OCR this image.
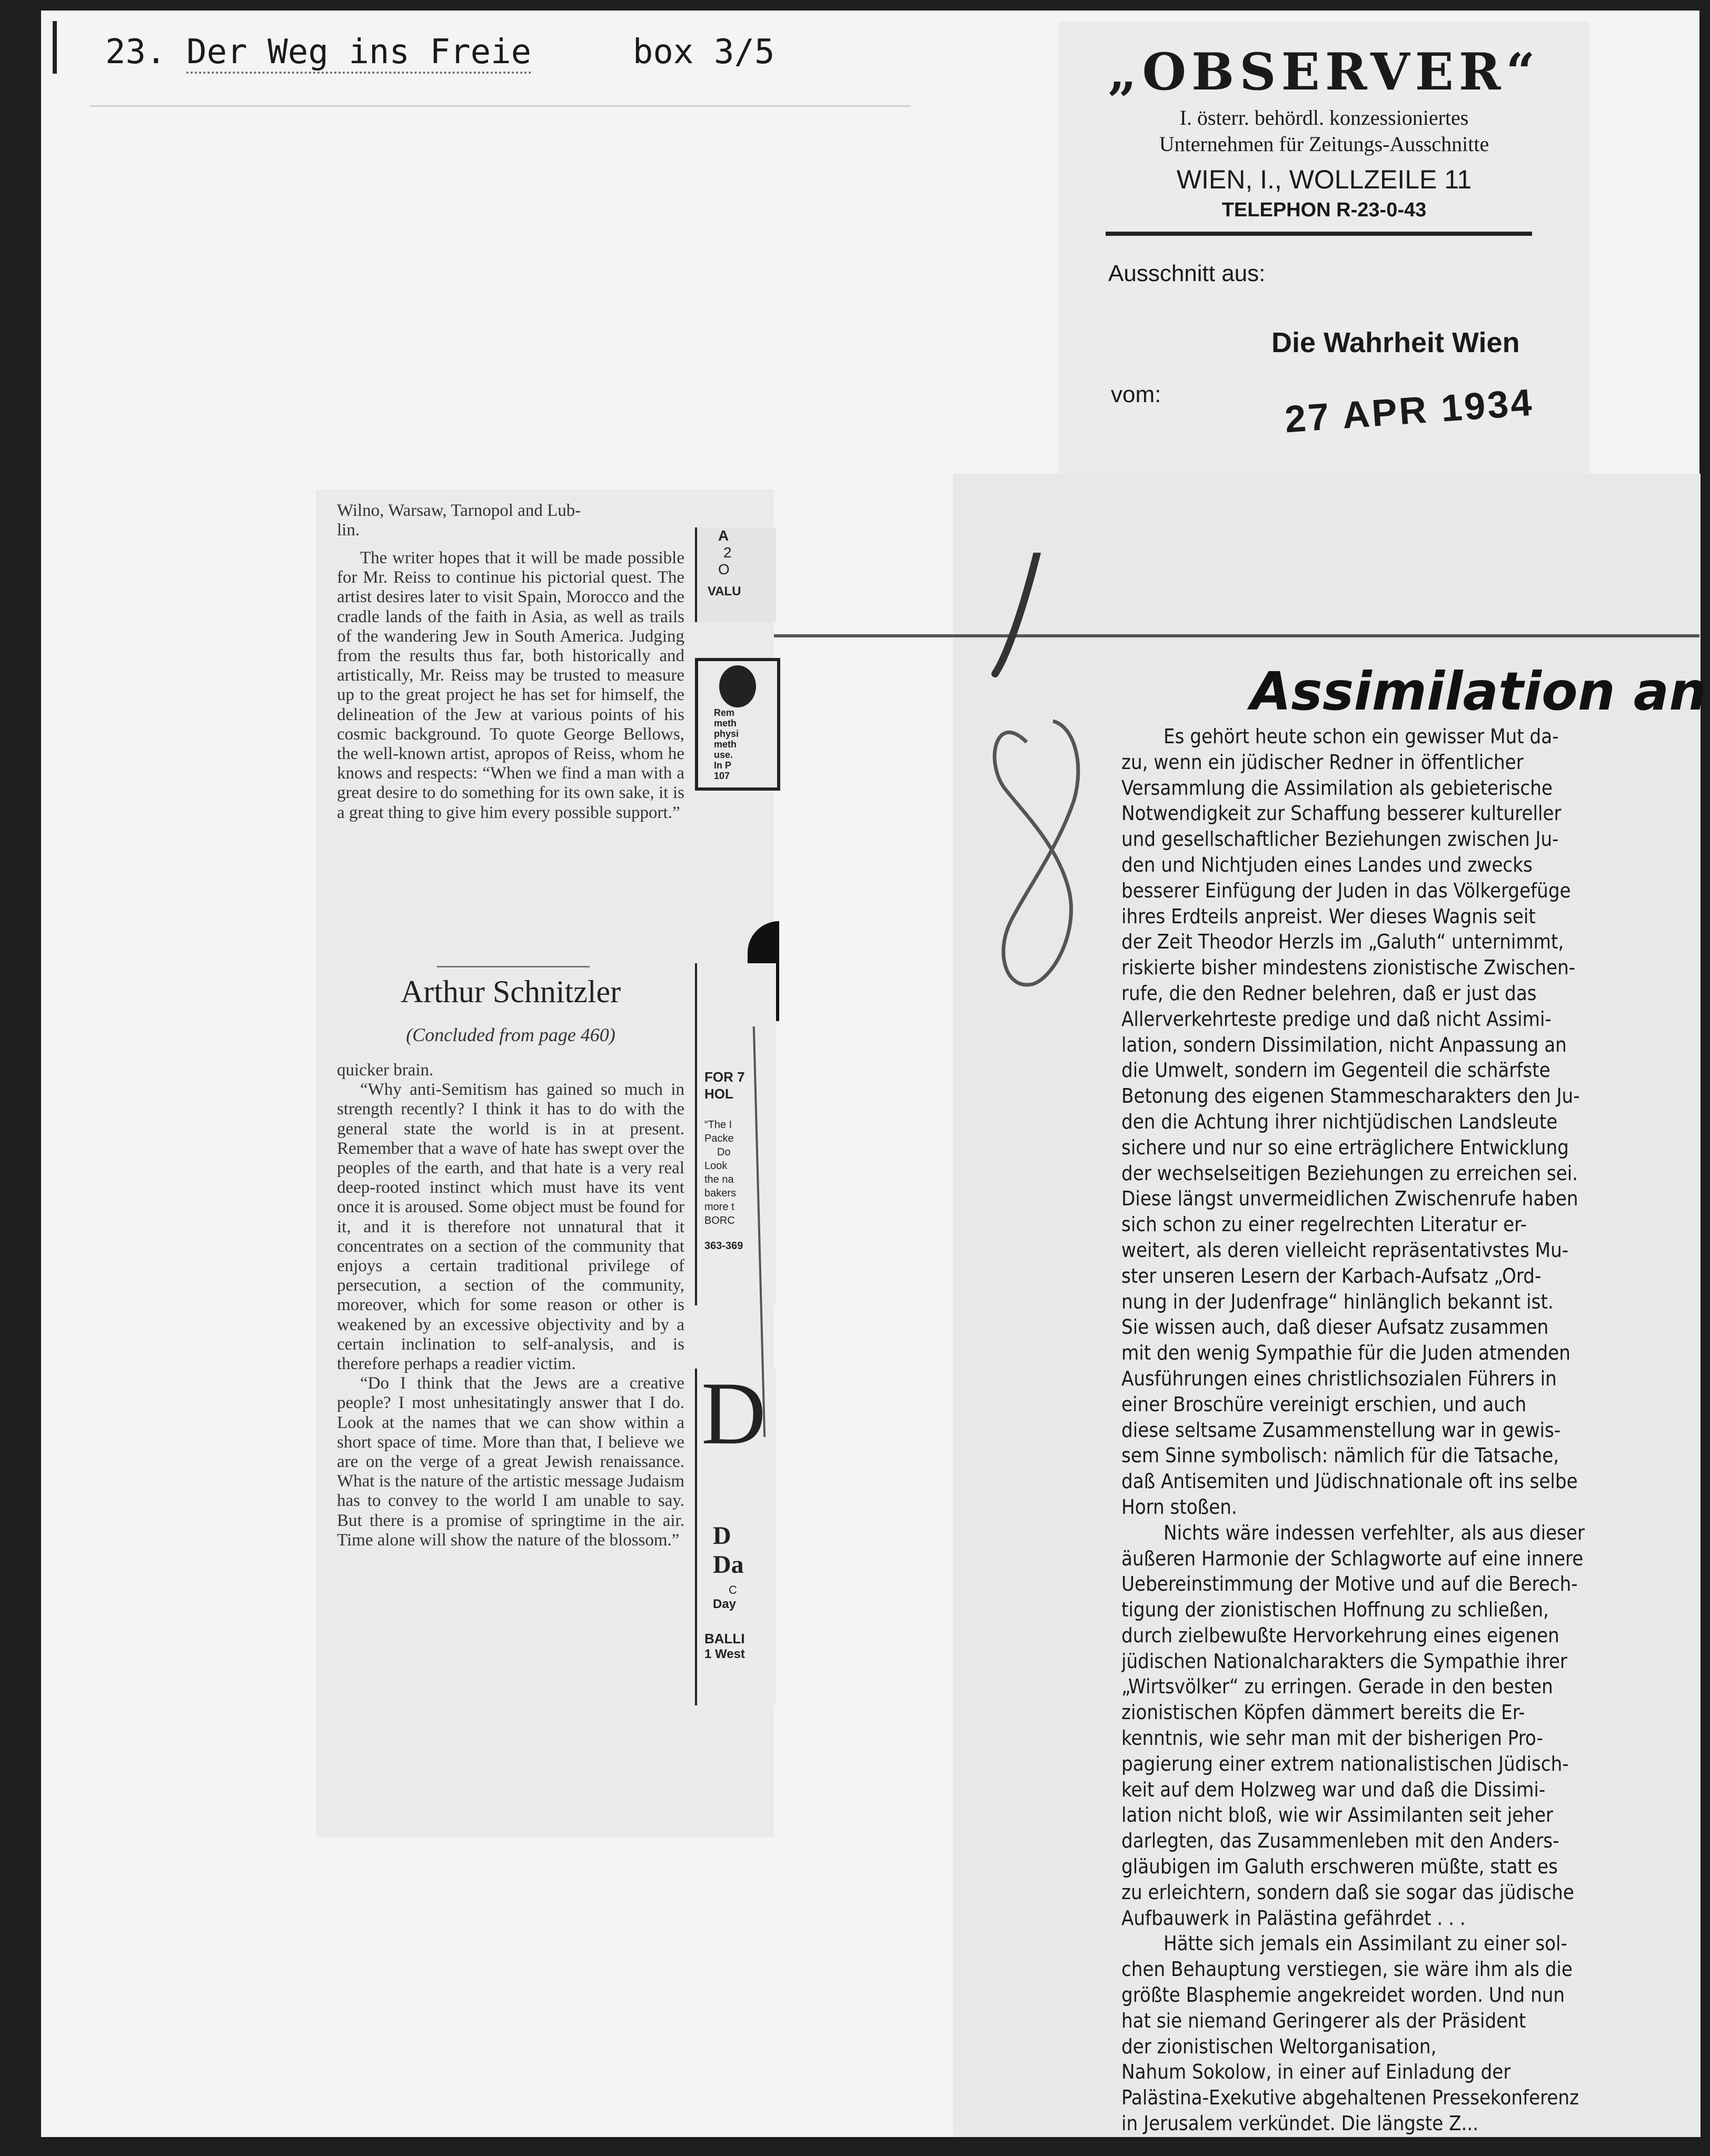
23. Der Weg ins Freie	box 3/5	„OBSERVER“
I. österr. behördl. konzessioniertes
Unternehmen für Zeitungs-Ausschnitte
WIEN, I., WOLLZEILE 11
TELEPHON R-23-0-43
Ausschnitt aus:
Die Wahrheit Wien
vom:	27 APR 1934
Assimilation an
Es gehört heute schon ein gewisser Mut da-
zu, wenn ein jüdischer Redner in öffentlicher
Versammlung die Assimilation als gebieterische
Notwendigkeit zur Schaffung besserer kultureller
und gesellschaftlicher Beziehungen zwischen Ju-
den und Nichtjuden eines Landes und zwecks
besserer Einfügung der Juden in das Völkergefüge
ihres Erdteils anpreist. Wer dieses Wagnis seit
der Zeit Theodor Herzls im „Galuth“ unternimmt,
riskierte bisher mindestens zionistische Zwischen-
rufe, die den Redner belehren, daß er just das
Allerverkehrteste predige und daß nicht Assimi-
lation, sondern Dissimilation, nicht Anpassung an
die Umwelt, sondern im Gegenteil die schärfste
Betonung des eigenen Stammescharakters den Ju-
den die Achtung ihrer nichtjüdischen Landsleute
sichere und nur so eine erträglichere Entwicklung
der wechselseitigen Beziehungen zu erreichen sei.
Diese längst unvermeidlichen Zwischenrufe haben
sich schon zu einer regelrechten Literatur er-
weitert, als deren vielleicht repräsentativstes Mu-
ster unseren Lesern der Karbach-Aufsatz „Ord-
nung in der Judenfrage“ hinlänglich bekannt ist.
Sie wissen auch, daß dieser Aufsatz zusammen
mit den wenig Sympathie für die Juden atmenden
Ausführungen eines christlichsozialen Führers in
einer Broschüre vereinigt erschien, und auch
diese seltsame Zusammenstellung war in gewis-
sem Sinne symbolisch: nämlich für die Tatsache,
daß Antisemiten und Jüdischnationale oft ins selbe
Horn stoßen.
Nichts wäre indessen verfehlter, als aus dieser
äußeren Harmonie der Schlagworte auf eine innere
Uebereinstimmung der Motive und auf die Berech-
tigung der zionistischen Hoffnung zu schließen,
durch zielbewußte Hervorkehrung eines eigenen
jüdischen Nationalcharakters die Sympathie ihrer
„Wirtsvölker“ zu erringen. Gerade in den besten
zionistischen Köpfen dämmert bereits die Er-
kenntnis, wie sehr man mit der bisherigen Pro-
pagierung einer extrem nationalistischen Jüdisch-
keit auf dem Holzweg war und daß die Dissimi-
lation nicht bloß, wie wir Assimilanten seit jeher
darlegten, das Zusammenleben mit den Anders-
gläubigen im Galuth erschweren müßte, statt es
zu erleichtern, sondern daß sie sogar das jüdische
Aufbauwerk in Palästina gefährdet . . .
Hätte sich jemals ein Assimilant zu einer sol-
chen Behauptung verstiegen, sie wäre ihm als die
größte Blasphemie angekreidet worden. Und nun
hat sie niemand Geringerer als der Präsident
der zionistischen Weltorganisation,
Nahum Sokolow, in einer auf Einladung der
Palästina-Exekutive abgehaltenen Pressekonferenz
in Jerusalem verkündet. Die längste Z...
8

Wilno, Warsaw, Tarnopol and Lub-

lin.

The writer hopes that it will be made possible for Mr. Reiss to continue his pictorial quest. The artist desires later to visit Spain, Morocco and the cradle lands of the faith in Asia, as well as trails of the wandering Jew in South America. Judging from the results thus far, both historically and artistically, Mr. Reiss may be trusted to measure up to the great project he has set for himself, the delineation of the Jew at various points of his cosmic background. To quote George Bellows, the well-known artist, apropos of Reiss, whom he knows and respects: “When we find a man with a great desire to do something for its own sake, it is a great thing to give him every possible support.”

Arthur Schnitzler
(Concluded from page 460)

quicker brain.

“Why anti-Semitism has gained so much in strength recently? I think it has to do with the general state the world is in at present. Remember that a wave of hate has swept over the peoples of the earth, and that hate is a very real deep-rooted instinct which must have its vent once it is aroused. Some object must be found for it, and it is therefore not unnatural that it concentrates on a section of the community that enjoys a certain traditional privilege of persecution, a section of the community, moreover, which for some reason or other is weakened by an excessive objectivity and by a certain inclination to self-analysis, and is therefore perhaps a readier victim.

“Do I think that the Jews are a creative people? I most unhesitatingly answer that I do. Look at the names that we can show within a short space of time. More than that, I believe we are on the verge of a great Jewish renaissance. What is the nature of the artistic message Judaism has to convey to the world I am unable to say. But there is a promise of springtime in the air. Time alone will show the nature of the blossom.”

A
2
O
VALU
Rem
meth
physi
meth
use.
In P
107
FOR 7
HOL
“The I
Packe
Do
Look
the na
bakers
more t
BORC
363-369
D
D
Da
C
Day
BALLI
1 West
